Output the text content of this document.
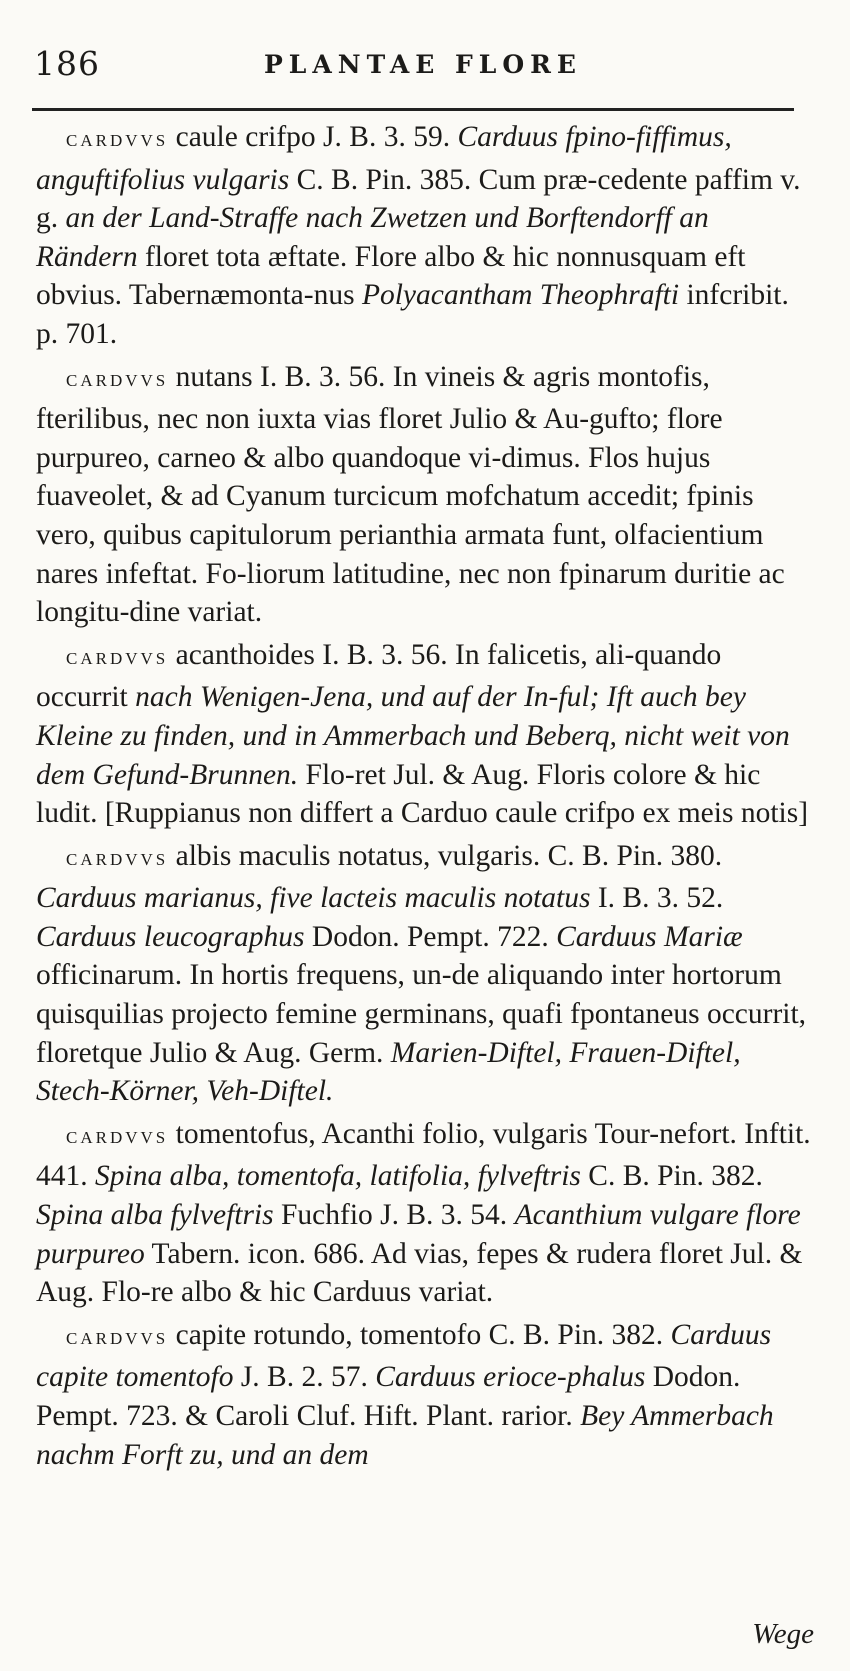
186	PLANTAE FLORE

CARDVVS caule crifpo J. B. 3. 59. Carduus fpino-fiffimus, anguftifolius vulgaris C. B. Pin. 385. Cum præ-cedente paffim v. g. an der Land-Straffe nach Zwetzen und Borftendorff an Rändern floret tota æftate. Flore albo & hic nonnusquam eft obvius. Tabernæmonta-nus Polyacantham Theophrafti infcribit. p. 701.

CARDVVS nutans I. B. 3. 56. In vineis & agris montofis, fterilibus, nec non iuxta vias floret Julio & Au-gufto; flore purpureo, carneo & albo quandoque vi-dimus. Flos hujus fuaveolet, & ad Cyanum turcicum mofchatum accedit; fpinis vero, quibus capitulorum perianthia armata funt, olfacientium nares infeftat. Fo-liorum latitudine, nec non fpinarum duritie ac longitu-dine variat.

CARDVVS acanthoides I. B. 3. 56. In falicetis, ali-quando occurrit nach Wenigen-Jena, und auf der In-ful; Ift auch bey Kleine zu finden, und in Ammerbach und Beberq, nicht weit von dem Gefund-Brunnen. Flo-ret Jul. & Aug. Floris colore & hic ludit. [Ruppianus non differt a Carduo caule crifpo ex meis notis]

CARDVVS albis maculis notatus, vulgaris. C. B. Pin. 380. Carduus marianus, five lacteis maculis notatus I. B. 3. 52. Carduus leucographus Dodon. Pempt. 722. Carduus Mariæ officinarum. In hortis frequens, un-de aliquando inter hortorum quisquilias projecto femine germinans, quafi fpontaneus occurrit, floretque Julio & Aug. Germ. Marien-Diftel, Frauen-Diftel, Stech-Körner, Veh-Diftel.

CARDVVS tomentofus, Acanthi folio, vulgaris Tour-nefort. Inftit. 441. Spina alba, tomentofa, latifolia, fylveftris C. B. Pin. 382. Spina alba fylveftris Fuchfio J. B. 3. 54. Acanthium vulgare flore purpureo Tabern. icon. 686. Ad vias, fepes & rudera floret Jul. & Aug. Flo-re albo & hic Carduus variat.

CARDVVS capite rotundo, tomentofo C. B. Pin. 382. Carduus capite tomentofo J. B. 2. 57. Carduus erioce-phalus Dodon. Pempt. 723. & Caroli Cluf. Hift. Plant. rarior. Bey Ammerbach nachm Forft zu, und an dem

Wege
